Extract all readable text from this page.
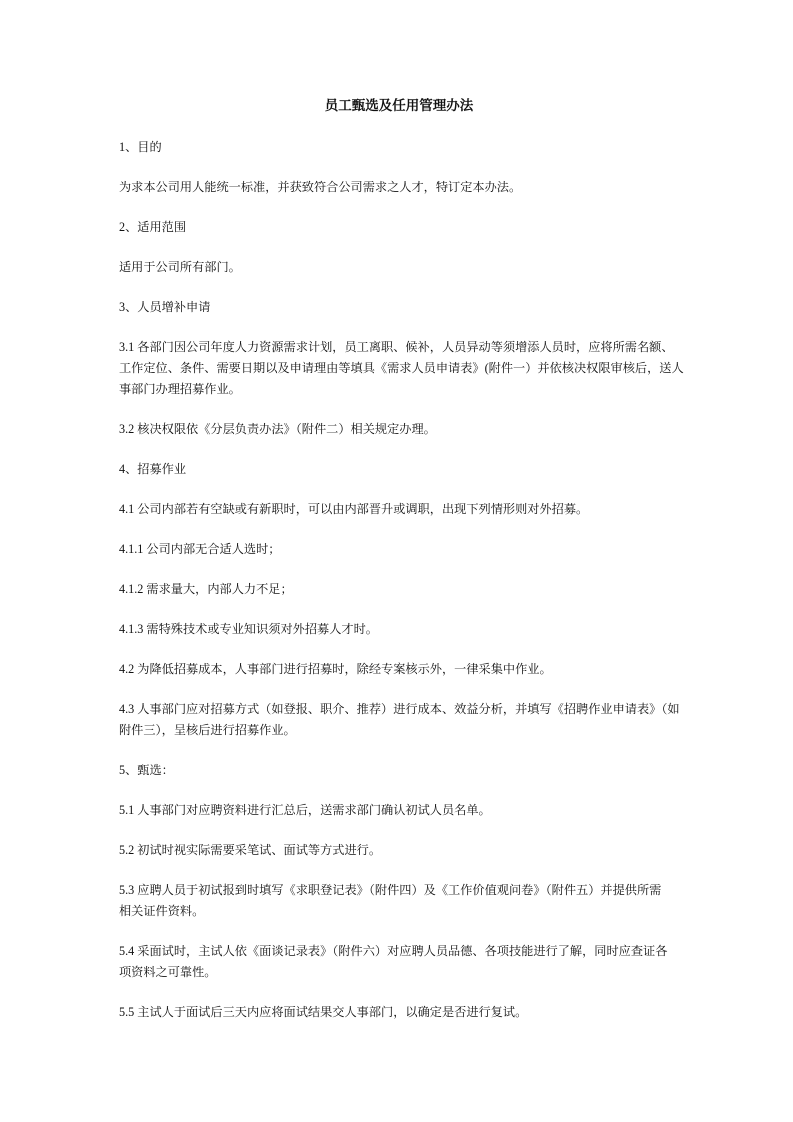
员工甄选及任用管理办法
1、目的
为求本公司用人能统一标准，并获致符合公司需求之人才，特订定本办法。
2、适用范围
适用于公司所有部门。
3、人员增补申请
3.1 各部门因公司年度人力资源需求计划，员工离职、候补，人员异动等须增添人员时，应将所需名额、
工作定位、条件、需要日期以及申请理由等填具《需求人员申请表》(附件一）并依核决权限审核后，送人
事部门办理招募作业。
3.2 核决权限依《分层负责办法》（附件二）相关规定办理。
4、招募作业
4.1 公司内部若有空缺或有新职时，可以由内部晋升或调职，出现下列情形则对外招募。
4.1.1 公司内部无合适人选时；
4.1.2 需求量大，内部人力不足；
4.1.3 需特殊技术或专业知识须对外招募人才时。
4.2 为降低招募成本，人事部门进行招募时，除经专案核示外，一律采集中作业。
4.3 人事部门应对招募方式（如登报、职介、推荐）进行成本、效益分析，并填写《招聘作业申请表》（如
附件三），呈核后进行招募作业。
5、甄选：
5.1 人事部门对应聘资料进行汇总后，送需求部门确认初试人员名单。
5.2 初试时视实际需要采笔试、面试等方式进行。
5.3 应聘人员于初试报到时填写《求职登记表》（附件四）及《工作价值观问卷》（附件五）并提供所需
相关证件资料。
5.4 采面试时，主试人依《面谈记录表》（附件六）对应聘人员品德、各项技能进行了解，同时应查证各
项资料之可靠性。
5.5 主试人于面试后三天内应将面试结果交人事部门，以确定是否进行复试。
